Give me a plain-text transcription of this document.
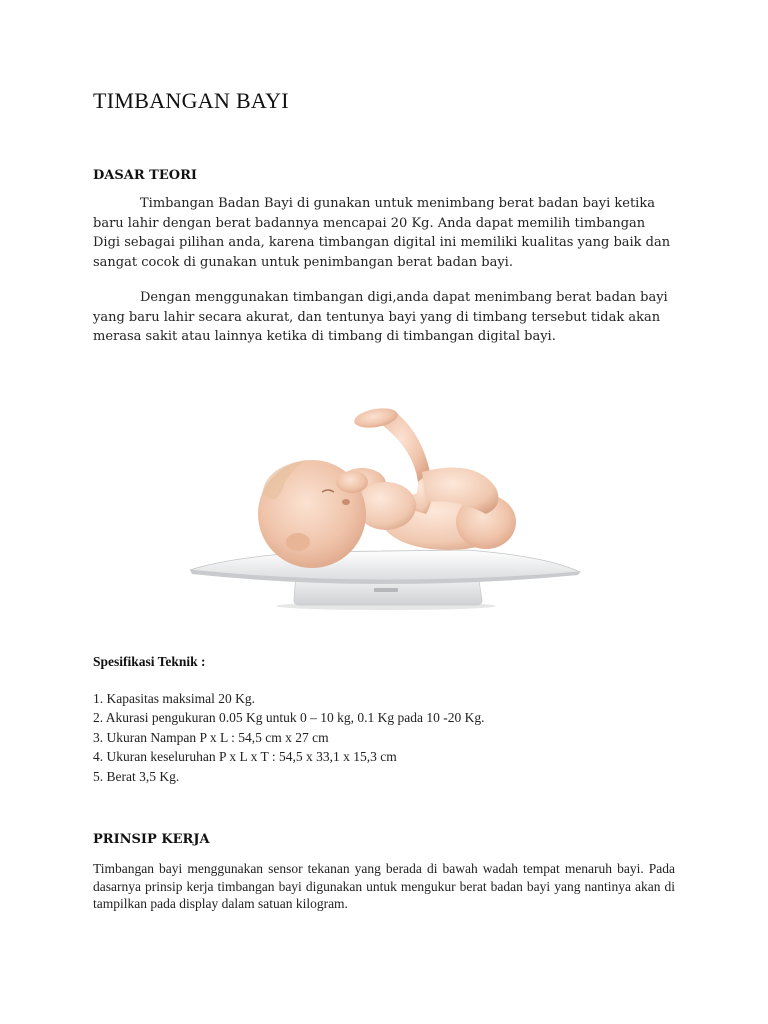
TIMBANGAN BAYI
DASAR TEORI

Timbangan Badan Bayi di gunakan untuk menimbang berat badan bayi ketika baru lahir dengan berat badannya mencapai 20 Kg. Anda dapat memilih timbangan Digi sebagai pilihan anda, karena timbangan digital ini memiliki kualitas yang baik dan sangat cocok di gunakan untuk penimbangan berat badan bayi.

Dengan menggunakan timbangan digi,anda dapat menimbang berat badan bayi yang baru lahir secara akurat, dan tentunya bayi yang di timbang tersebut tidak akan merasa sakit atau lainnya ketika di timbang di timbangan digital bayi.

Spesifikasi Teknik :
1. Kapasitas maksimal 20 Kg.
2. Akurasi pengukuran 0.05 Kg untuk 0 – 10 kg, 0.1 Kg pada 10 -20 Kg.
3. Ukuran Nampan P x L : 54,5 cm x 27 cm
4. Ukuran keseluruhan P x L x T : 54,5 x 33,1 x 15,3 cm
5. Berat 3,5 Kg.
PRINSIP KERJA

Timbangan bayi menggunakan sensor tekanan yang berada di bawah wadah tempat menaruh bayi. Pada dasarnya prinsip kerja timbangan bayi digunakan untuk mengukur berat badan bayi yang nantinya akan di tampilkan pada display dalam satuan kilogram.
